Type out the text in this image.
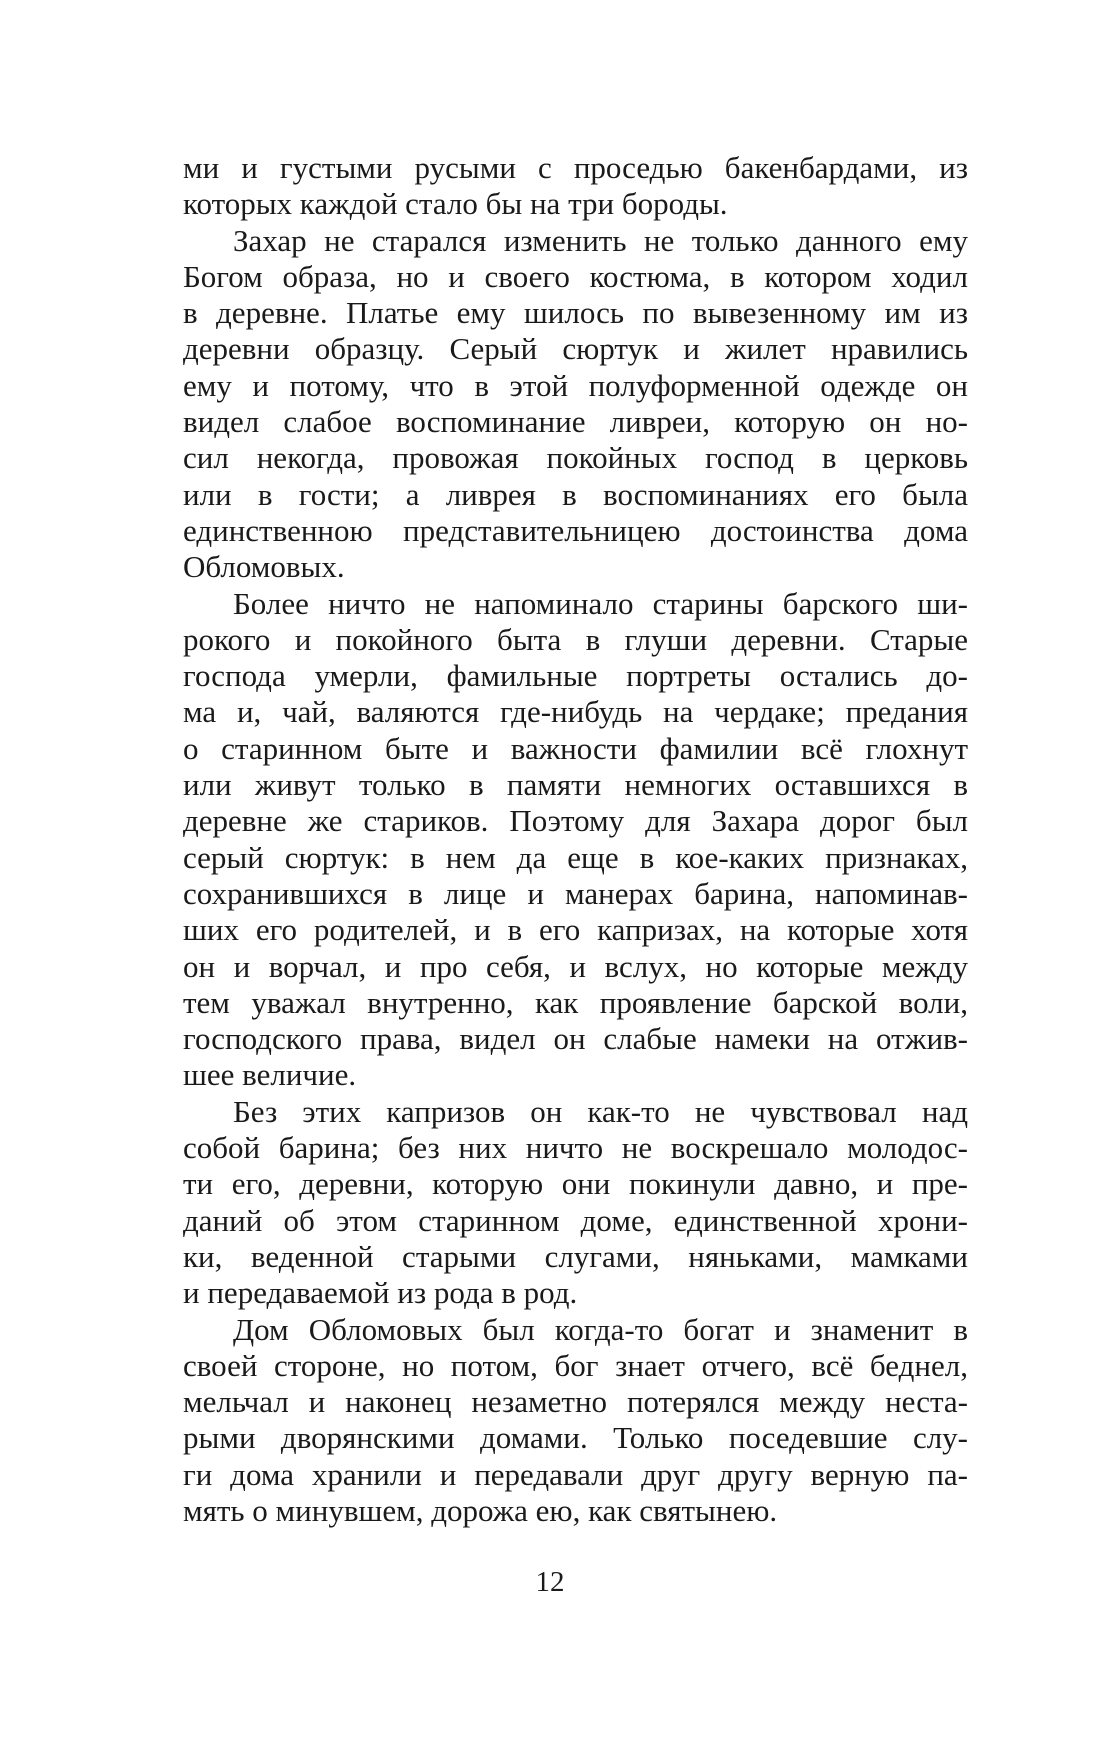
ми и густыми русыми с проседью бакенбардами, из
которых каждой стало бы на три бороды.
Захар не старался изменить не только данного ему
Богом образа, но и своего костюма, в котором ходил
в деревне. Платье ему шилось по вывезенному им из
деревни образцу. Серый сюртук и жилет нравились
ему и потому, что в этой полуформенной одежде он
видел слабое воспоминание ливреи, которую он но-
сил некогда, провожая покойных господ в церковь
или в гости; а ливрея в воспоминаниях его была
единственною представительницею достоинства дома
Обломовых.
Более ничто не напоминало старины барского ши-
рокого и покойного быта в глуши деревни. Старые
господа умерли, фамильные портреты остались до-
ма и, чай, валяются где-нибудь на чердаке; предания
о старинном быте и важности фамилии всё глохнут
или живут только в памяти немногих оставшихся в
деревне же стариков. Поэтому для Захара дорог был
серый сюртук: в нем да еще в кое-каких признаках,
сохранившихся в лице и манерах барина, напоминав-
ших его родителей, и в его капризах, на которые хотя
он и ворчал, и про себя, и вслух, но которые между
тем уважал внутренно, как проявление барской воли,
господского права, видел он слабые намеки на отжив-
шее величие.
Без этих капризов он как-то не чувствовал над
собой барина; без них ничто не воскрешало молодос-
ти его, деревни, которую они покинули давно, и пре-
даний об этом старинном доме, единственной хрони-
ки, веденной старыми слугами, няньками, мамками
и передаваемой из рода в род.
Дом Обломовых был когда-то богат и знаменит в
своей стороне, но потом, бог знает отчего, всё беднел,
мельчал и наконец незаметно потерялся между неста-
рыми дворянскими домами. Только поседевшие слу-
ги дома хранили и передавали друг другу верную па-
мять о минувшем, дорожа ею, как святынею.
12
